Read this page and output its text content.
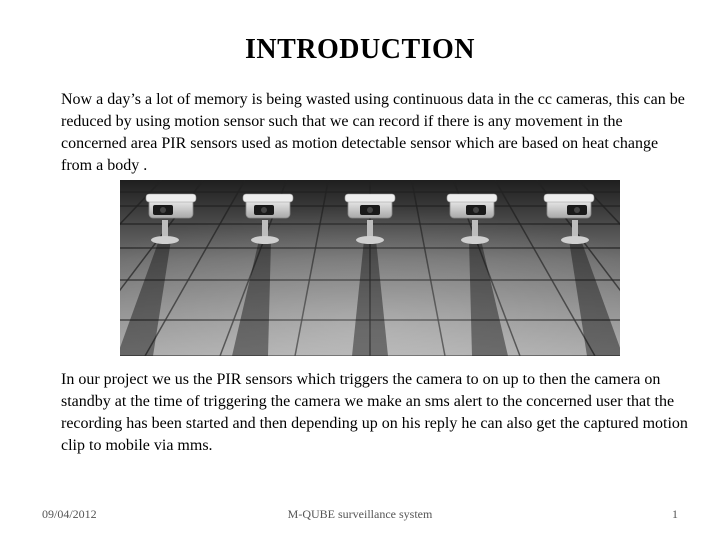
INTRODUCTION

Now a day’s a lot of memory is being wasted using continuous data in the cc cameras, this can be reduced by using motion sensor such that we can record if there is any movement in the concerned area PIR sensors used as motion detectable sensor which are based on heat change from a body .

In our project we us the PIR sensors which triggers the camera to on up to then the camera on standby at the time of triggering the camera we make an sms alert to the concerned user that the recording has been started and then depending up on his reply he can also get the captured motion clip to mobile via mms.

09/04/2012	M-QUBE surveillance system	1
